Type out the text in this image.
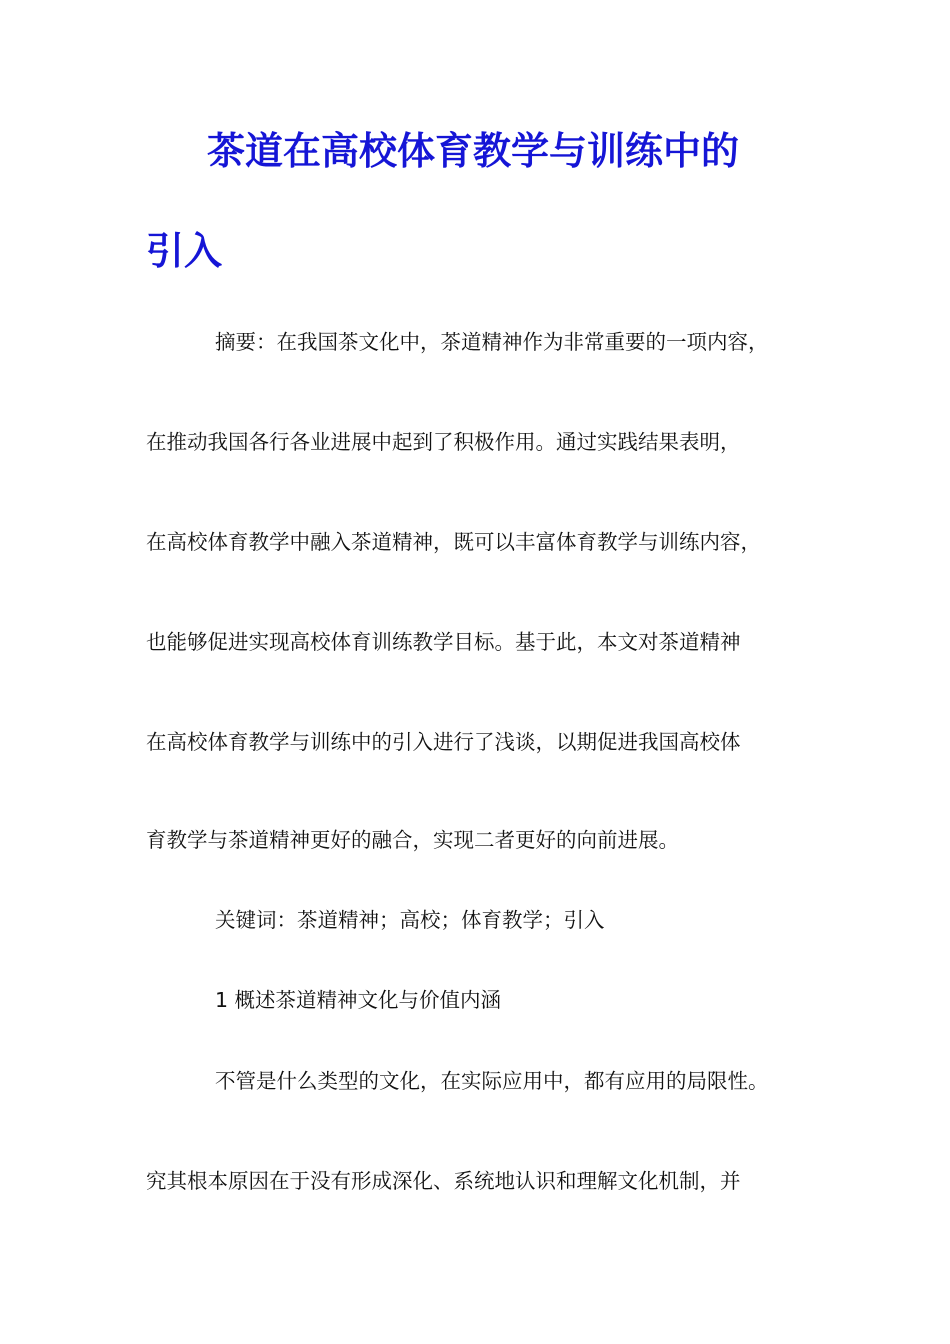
茶道在高校体育教学与训练中的
引入
摘要：在我国茶文化中，茶道精神作为非常重要的一项内容，
在推动我国各行各业进展中起到了积极作用。通过实践结果表明，
在高校体育教学中融入茶道精神，既可以丰富体育教学与训练内容，
也能够促进实现高校体育训练教学目标。基于此，本文对茶道精神
在高校体育教学与训练中的引入进行了浅谈，以期促进我国高校体
育教学与茶道精神更好的融合，实现二者更好的向前进展。
关键词：茶道精神；高校；体育教学；引入
1 概述茶道精神文化与价值内涵
不管是什么类型的文化，在实际应用中，都有应用的局限性。
究其根本原因在于没有形成深化、系统地认识和理解文化机制，并
